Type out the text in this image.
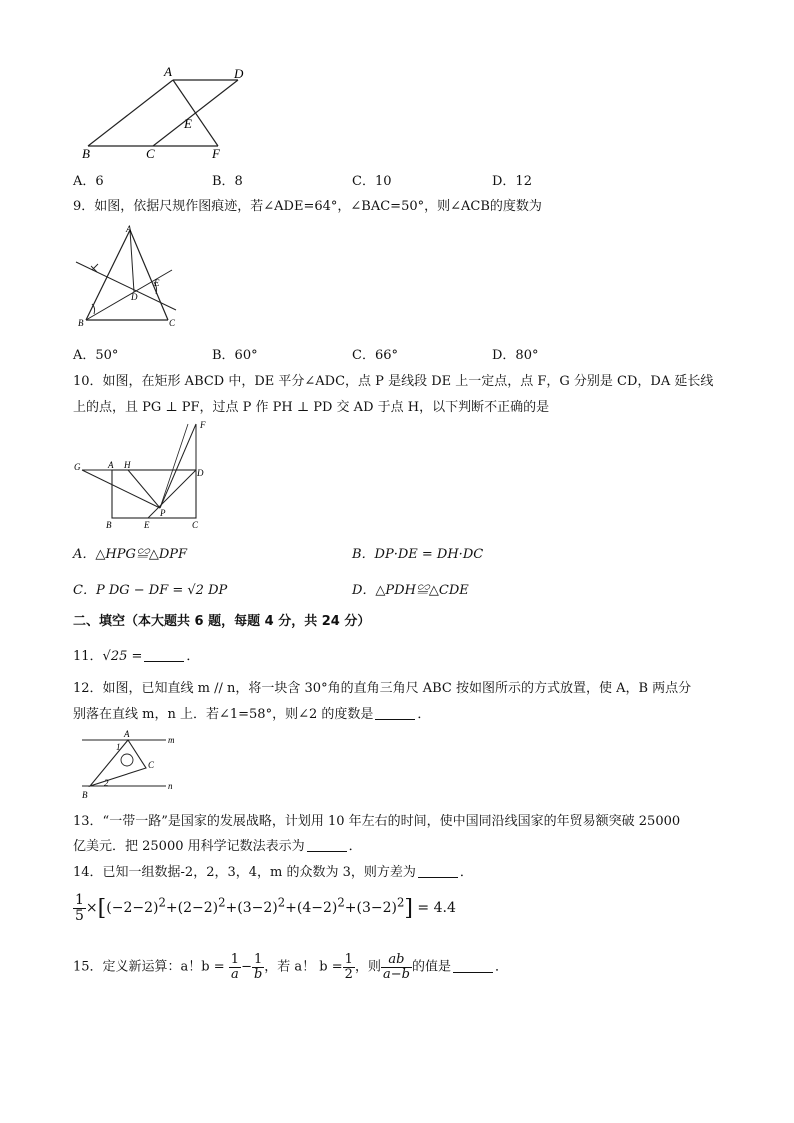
A	D
E
B	C	F
A．6	B．8	C．10	D．12
9．如图，依据尺规作图痕迹，若∠ADE=64°，∠BAC=50°，则∠ACB的度数为
A
B	C
D
E
A．50°	B．60°	C．66°	D．80°
10．如图，在矩形 ABCD 中，DE 平分∠ADC，点 P 是线段 DE 上一定点，点 F，G 分别是 CD，DA 延长线
上的点，且 PG ⊥ PF，过点 P 作 PH ⊥ PD 交 AD 于点 H，以下判断不正确的是
F
G	A H
D
B	E
P
C
A．△HPG≌△DPF	B．DP·DE = DH·DC
C．P DG − DF = √2 DP	D．△PDH≌△CDE
二、填空（本大题共 6 题，每题 4 分，共 24 分）
11．√25 =	．
12．如图，已知直线 m // n，将一块含 30°角的直角三角尺 ABC 按如图所示的方式放置，使 A，B 两点分
别落在直线 m，n 上．若∠1=58°，则∠2 的度数是	．
A
B
C
m
n
1
2
13．“一带一路”是国家的发展战略，计划用 10 年左右的时间，使中国同沿线国家的年贸易额突破 25000
亿美元．把 25000 用科学记数法表示为	．
14．已知一组数据-2，2，3，4，m 的众数为 3，则方差为	．
$\frac{1}{5} \times[(-2-2)^2+(2-2)^2+(3-2)^2+(4-2)^2+(3-2)^2] = 4.4$
15．定义新运算：a！$b = \frac{1}{a} - \frac{1}{b}$ ，若 a！ $b = \frac{1}{2}$ ，则 $\frac{ab}{a-b}$ 的值是	．
